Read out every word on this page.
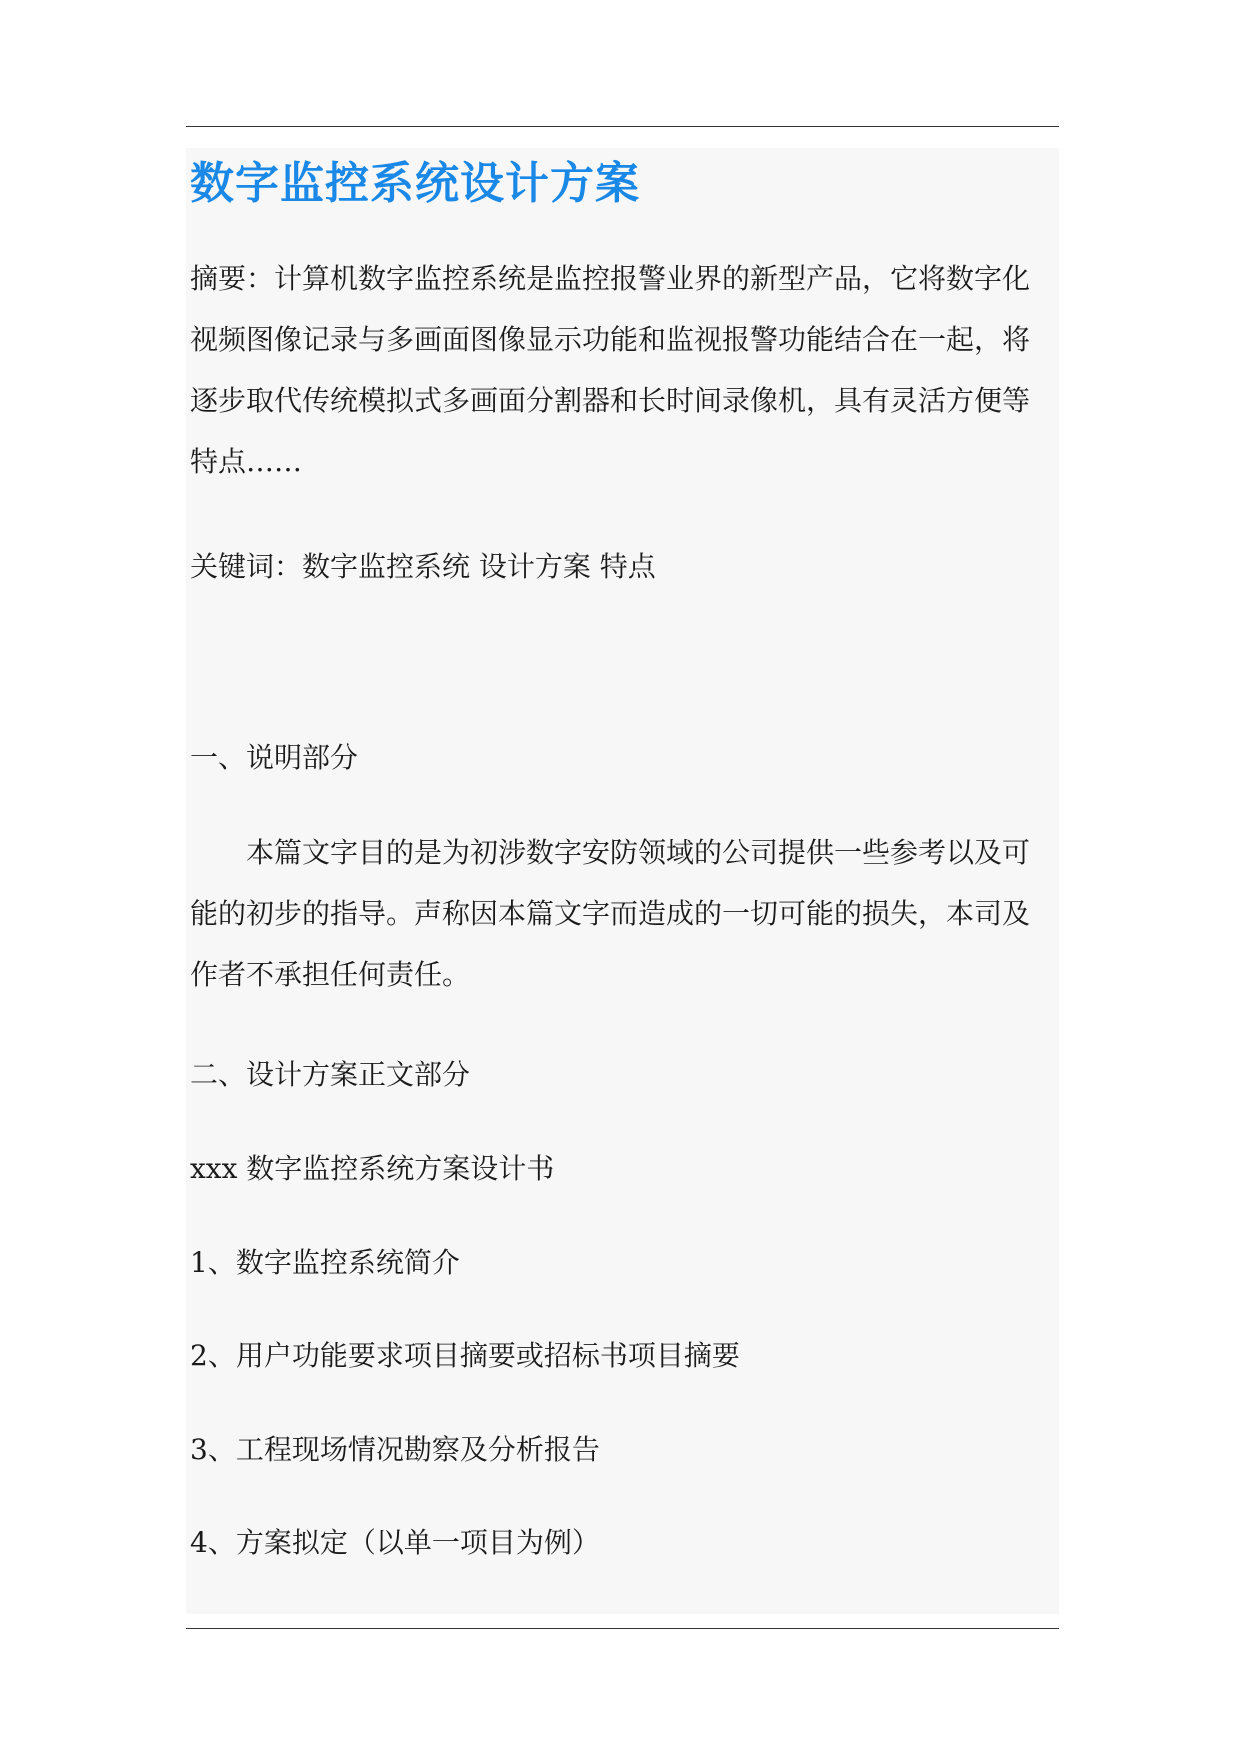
数字监控系统设计方案

摘要：计算机数字监控系统是监控报警业界的新型产品，它将数字化视频图像记录与多画面图像显示功能和监视报警功能结合在一起，将逐步取代传统模拟式多画面分割器和长时间录像机，具有灵活方便等特点……

关键词：数字监控系统 设计方案 特点

一、说明部分

本篇文字目的是为初涉数字安防领域的公司提供一些参考以及可能的初步的指导。声称因本篇文字而造成的一切可能的损失，本司及作者不承担任何责任。

二、设计方案正文部分
xxx 数字监控系统方案设计书
1、数字监控系统简介
2、用户功能要求项目摘要或招标书项目摘要
3、工程现场情况勘察及分析报告
4、方案拟定（以单一项目为例）
